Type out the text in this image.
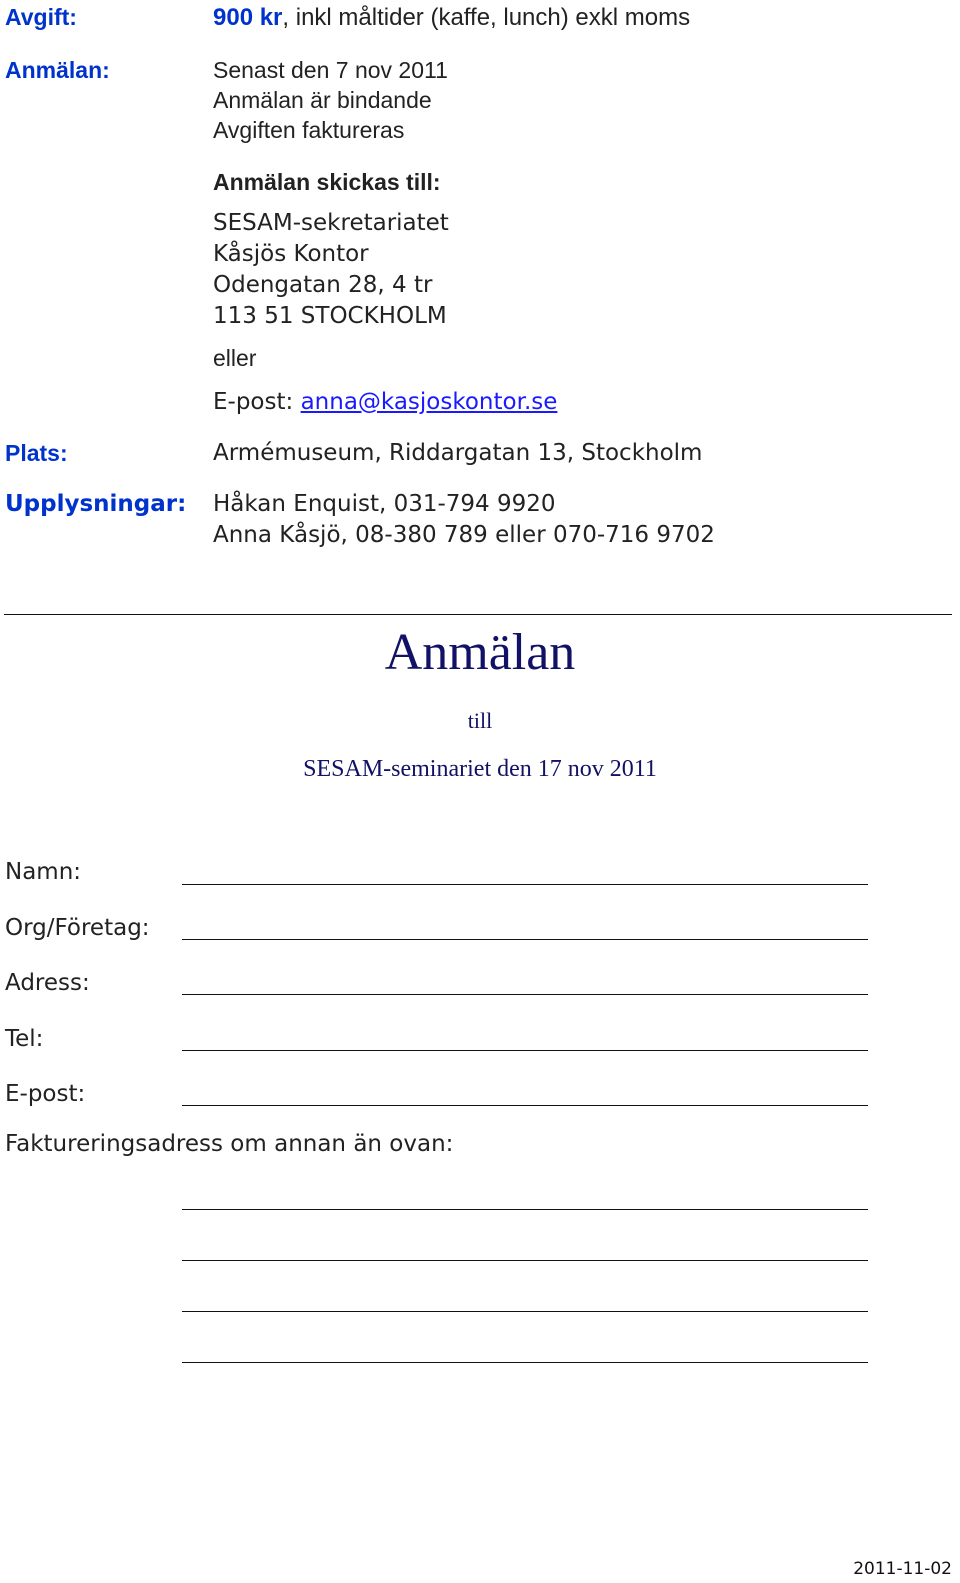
Avgift:	900 kr, inkl måltider (kaffe, lunch) exkl moms
Anmälan:	Senast den 7 nov 2011
Anmälan är bindande
Avgiften faktureras
Anmälan skickas till:
SESAM-sekretariatet
Kåsjös Kontor
Odengatan 28, 4 tr
113 51 STOCKHOLM
eller
E-post: anna@kasjoskontor.se
Plats:	Armémuseum, Riddargatan 13, Stockholm
Upplysningar: Håkan Enquist, 031-794 9920
Anna Kåsjö, 08-380 789 eller 070-716 9702
Anmälan
till
SESAM-seminariet den 17 nov 2011
Namn:
Org/Företag:
Adress:
Tel:
E-post:
Faktureringsadress om annan än ovan:
2011-11-02
